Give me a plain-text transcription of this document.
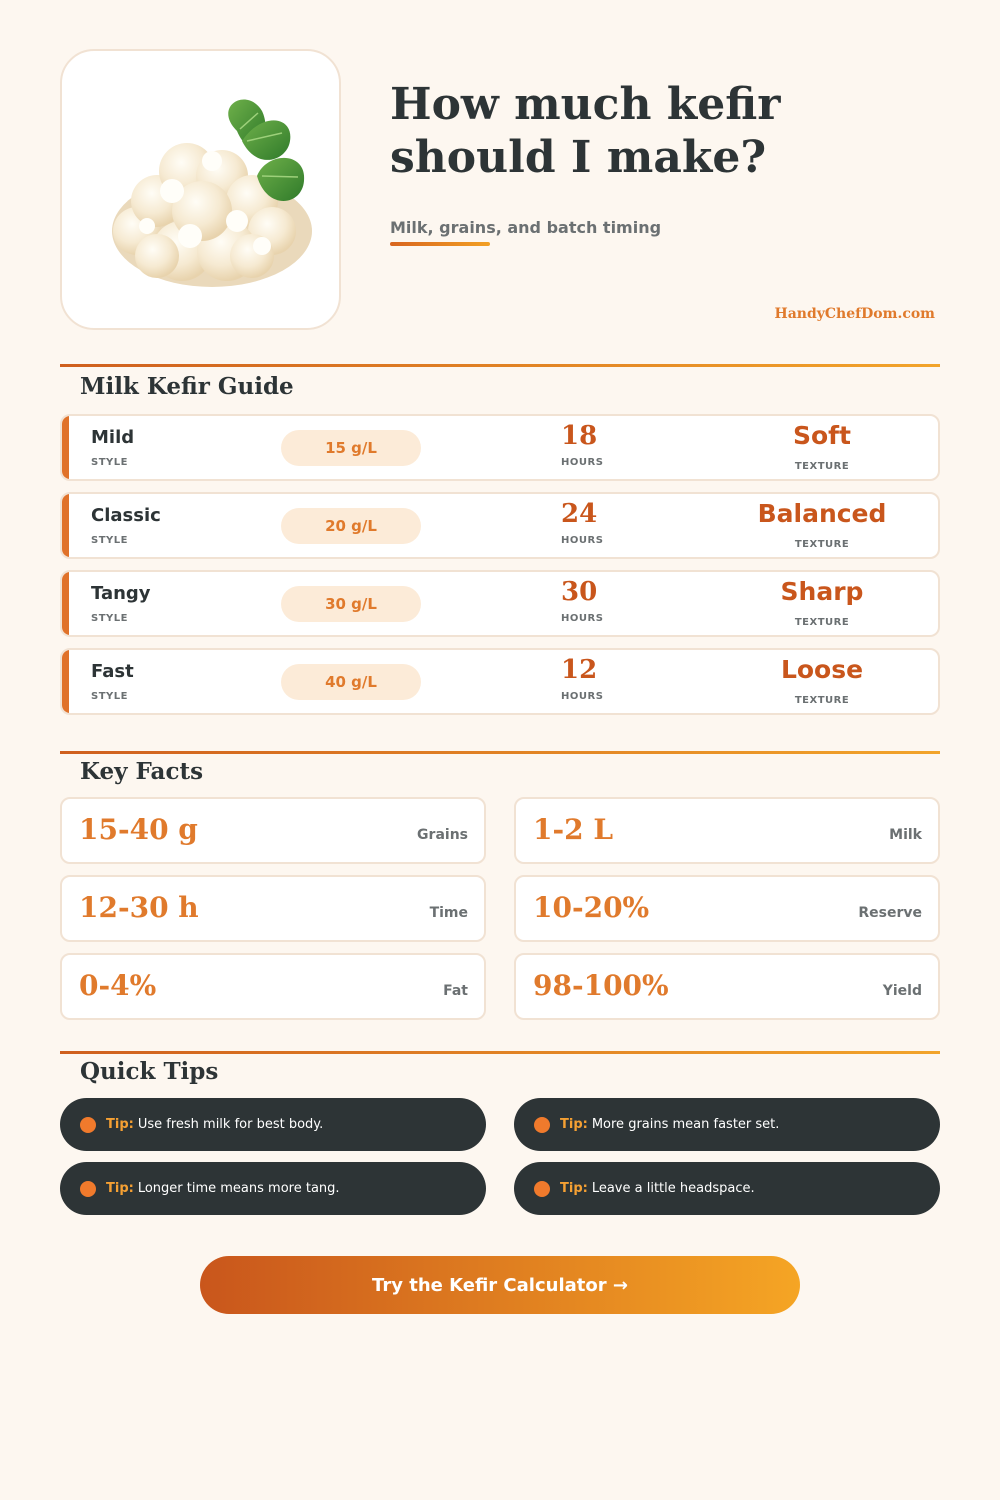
How much kefir should I make?
Milk, grains, and batch timing
HandyChefDom.com
Milk Kefir Guide
Mild
STYLE
15 g/L	18
HOURS
Soft
TEXTURE
Classic
STYLE
20 g/L	24
HOURS
Balanced
TEXTURE
Tangy
STYLE
30 g/L	30
HOURS
Sharp
TEXTURE
Fast
STYLE
40 g/L	12
HOURS
Loose
TEXTURE
Key Facts
15-40 g	Grains 1-2 L	Milk
12-30 h	Time 10-20%	Reserve
0-4%	Fat 98-100%	Yield
Quick Tips
Tip: Use fresh milk for best body.	Tip: More grains mean faster set.
Tip: Longer time means more tang.	Tip: Leave a little headspace.
Try the Kefir Calculator →
